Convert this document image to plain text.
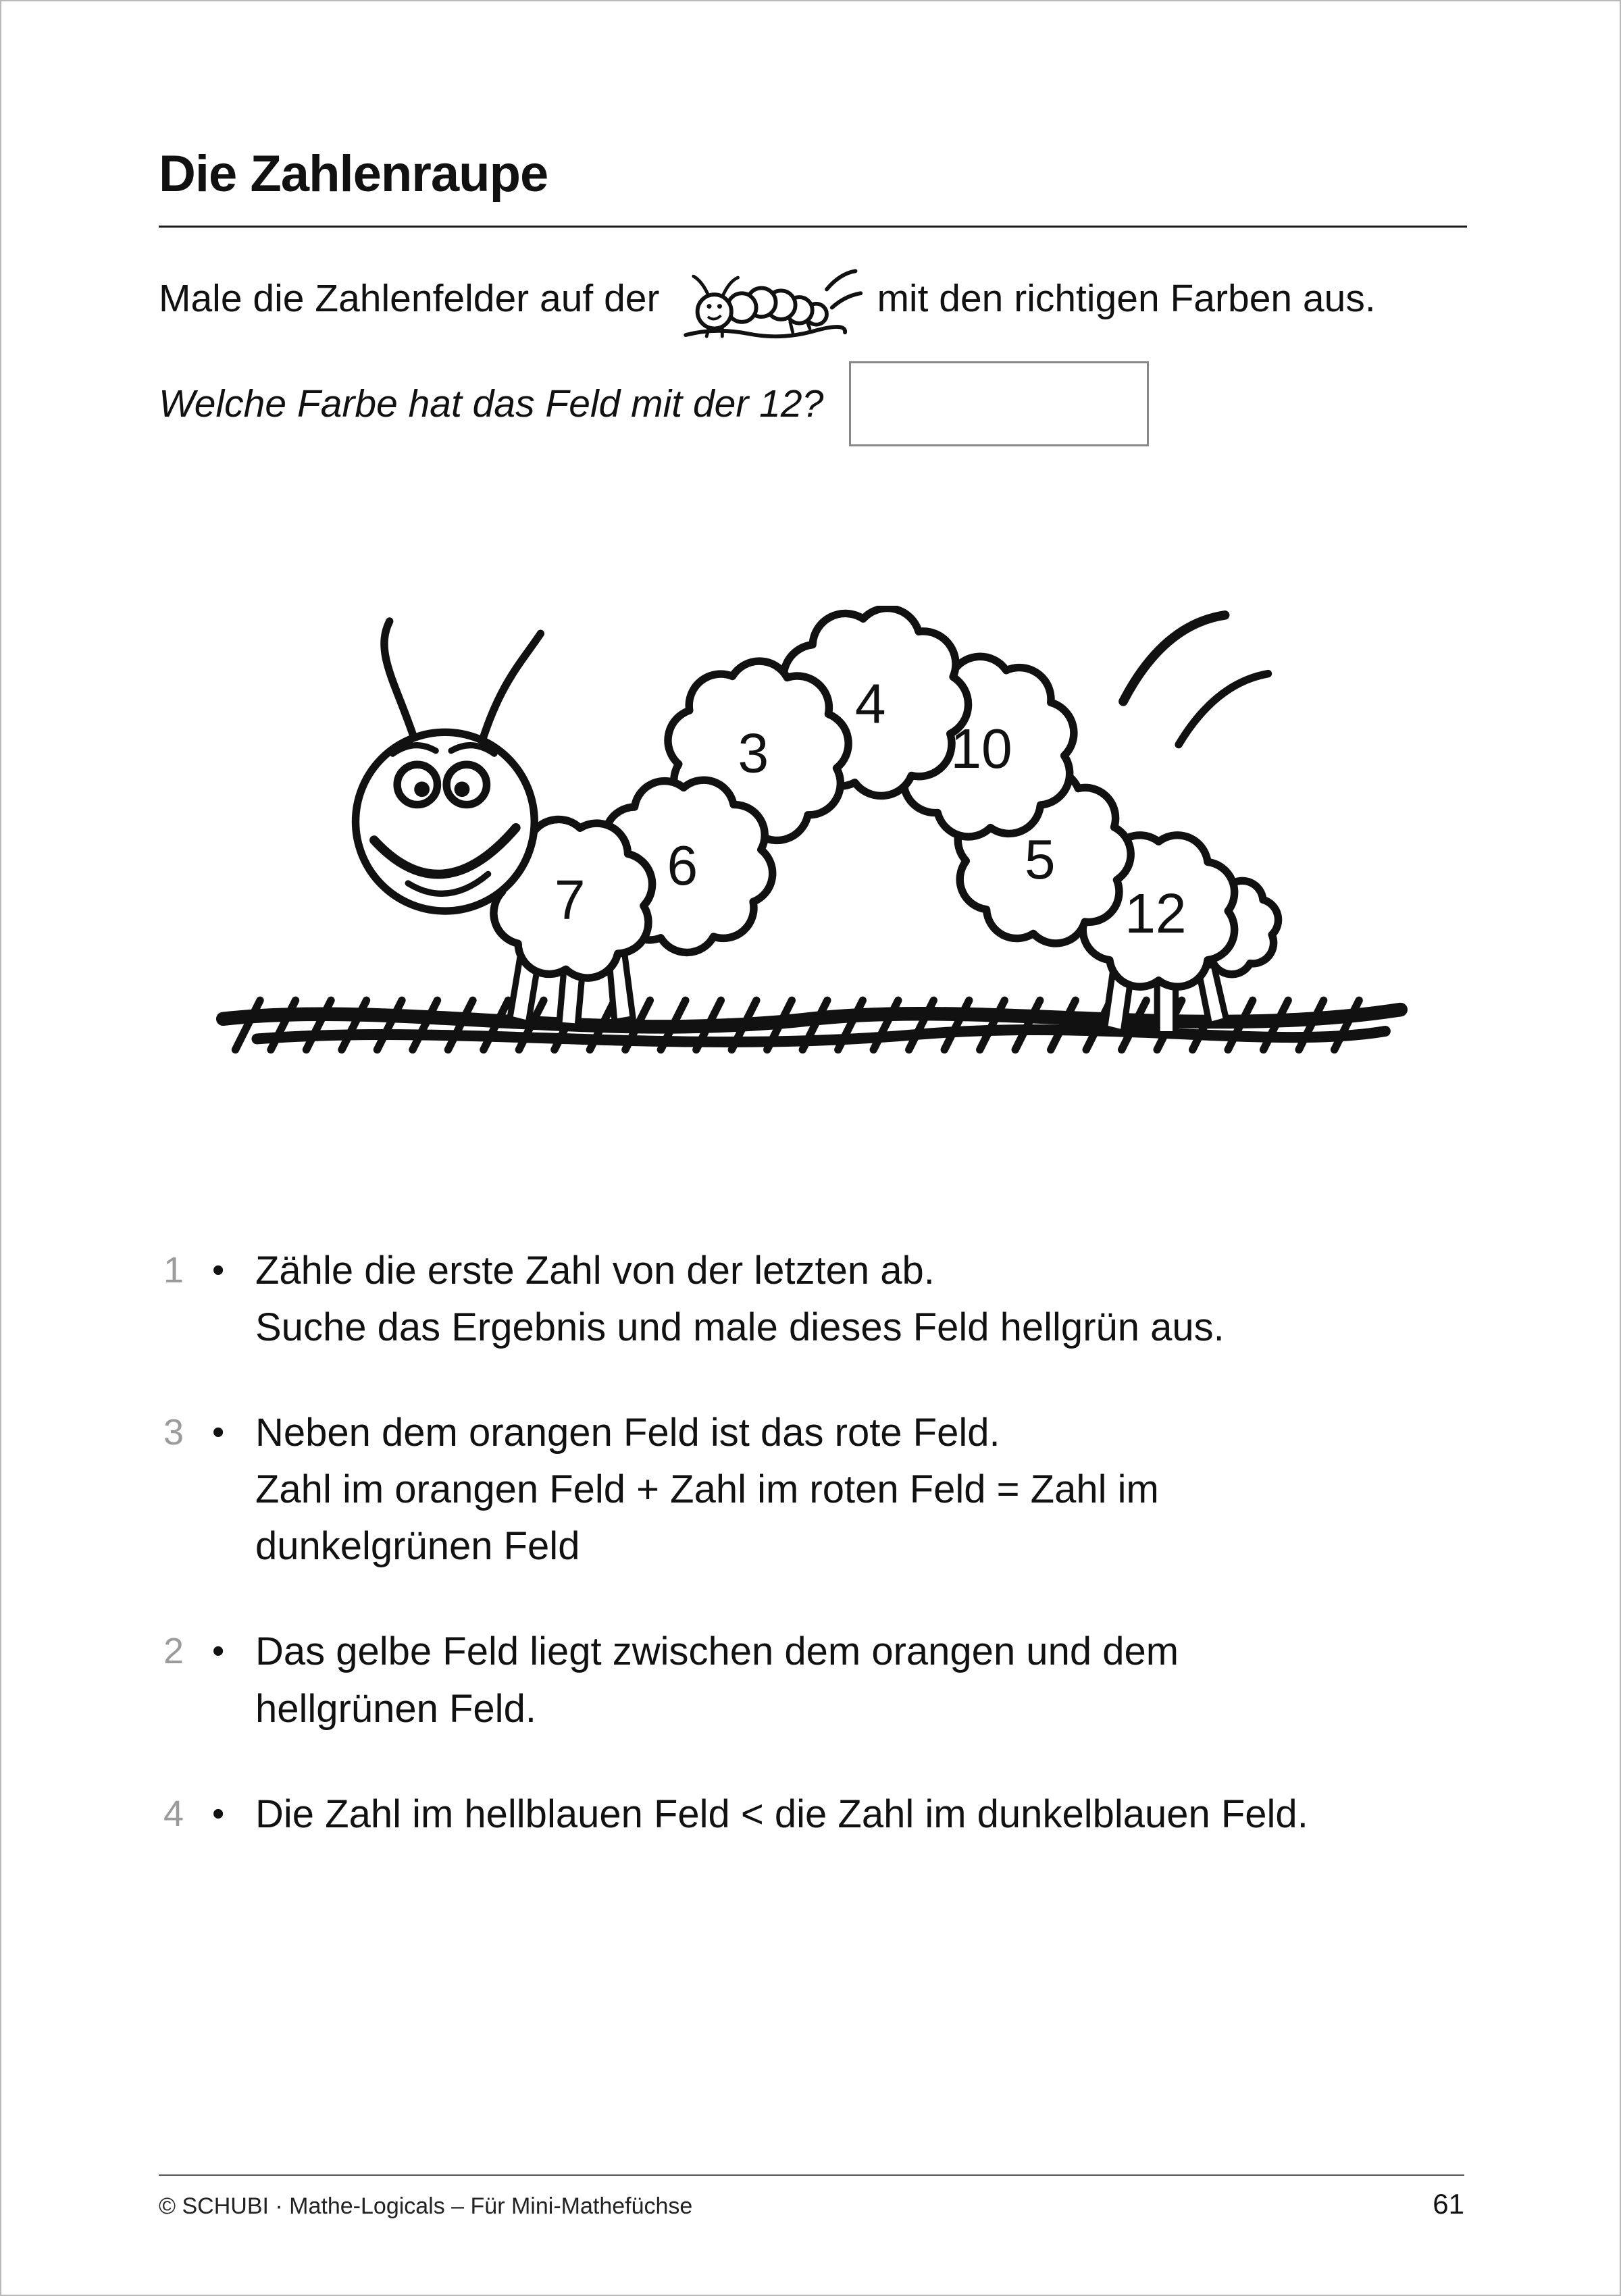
Die Zahlenraupe
Male die Zahlenfelder auf der	mit den richtigen Farben aus.
Welche Farbe hat das Feld mit der 12?
7
6
3
4
10
5
12
1 • Zähle die erste Zahl von der letzten ab.
Suche das Ergebnis und male dieses Feld hellgrün aus.
3 • Neben dem orangen Feld ist das rote Feld.
Zahl im orangen Feld + Zahl im roten Feld = Zahl im
dunkelgrünen Feld
2 • Das gelbe Feld liegt zwischen dem orangen und dem
hellgrünen Feld.
4 • Die Zahl im hellblauen Feld < die Zahl im dunkelblauen Feld.
© SCHUBI · Mathe-Logicals – Für Mini-Mathefüchse	61
